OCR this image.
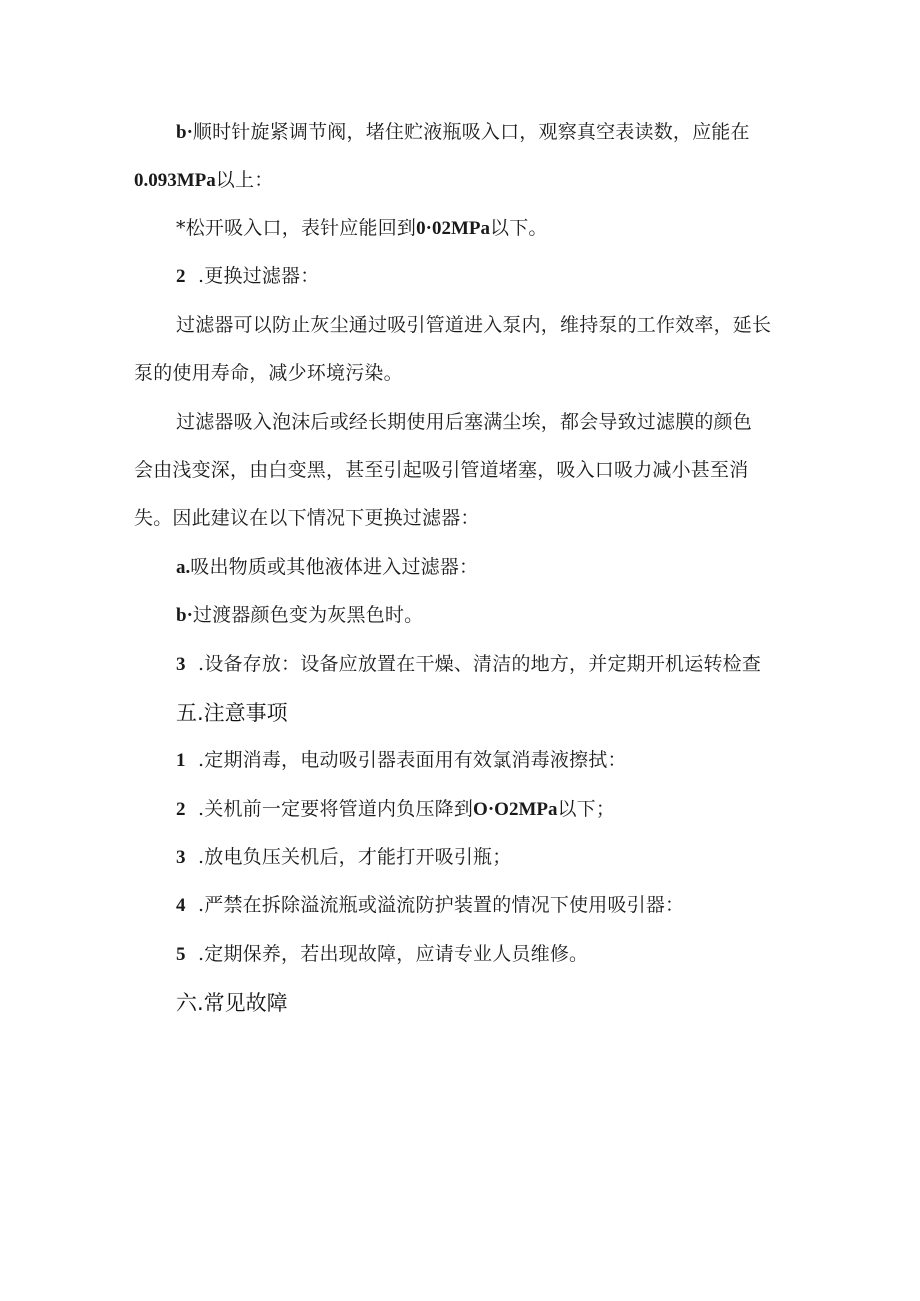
b·顺时针旋紧调节阀，堵住贮液瓶吸入口，观察真空表读数，应能在
0.093MPa以上：
*松开吸入口，表针应能回到0·02MPa以下。
2 .更换过滤器：
过滤器可以防止灰尘通过吸引管道进入泵内，维持泵的工作效率，延长
泵的使用寿命，减少环境污染。
过滤器吸入泡沫后或经长期使用后塞满尘埃，都会导致过滤膜的颜色
会由浅变深，由白变黑，甚至引起吸引管道堵塞，吸入口吸力减小甚至消
失。因此建议在以下情况下更换过滤器：
a.吸出物质或其他液体进入过滤器：
b·过渡器颜色变为灰黑色时。
3 .设备存放：设备应放置在干燥、清洁的地方，并定期开机运转检查
五.注意事项
1 .定期消毒，电动吸引器表面用有效氯消毒液擦拭：
2 .关机前一定要将管道内负压降到O·O2MPa以下；
3 .放电负压关机后，才能打开吸引瓶；
4 .严禁在拆除溢流瓶或溢流防护装置的情况下使用吸引器：
5 .定期保养，若出现故障，应请专业人员维修。
六.常见故障
